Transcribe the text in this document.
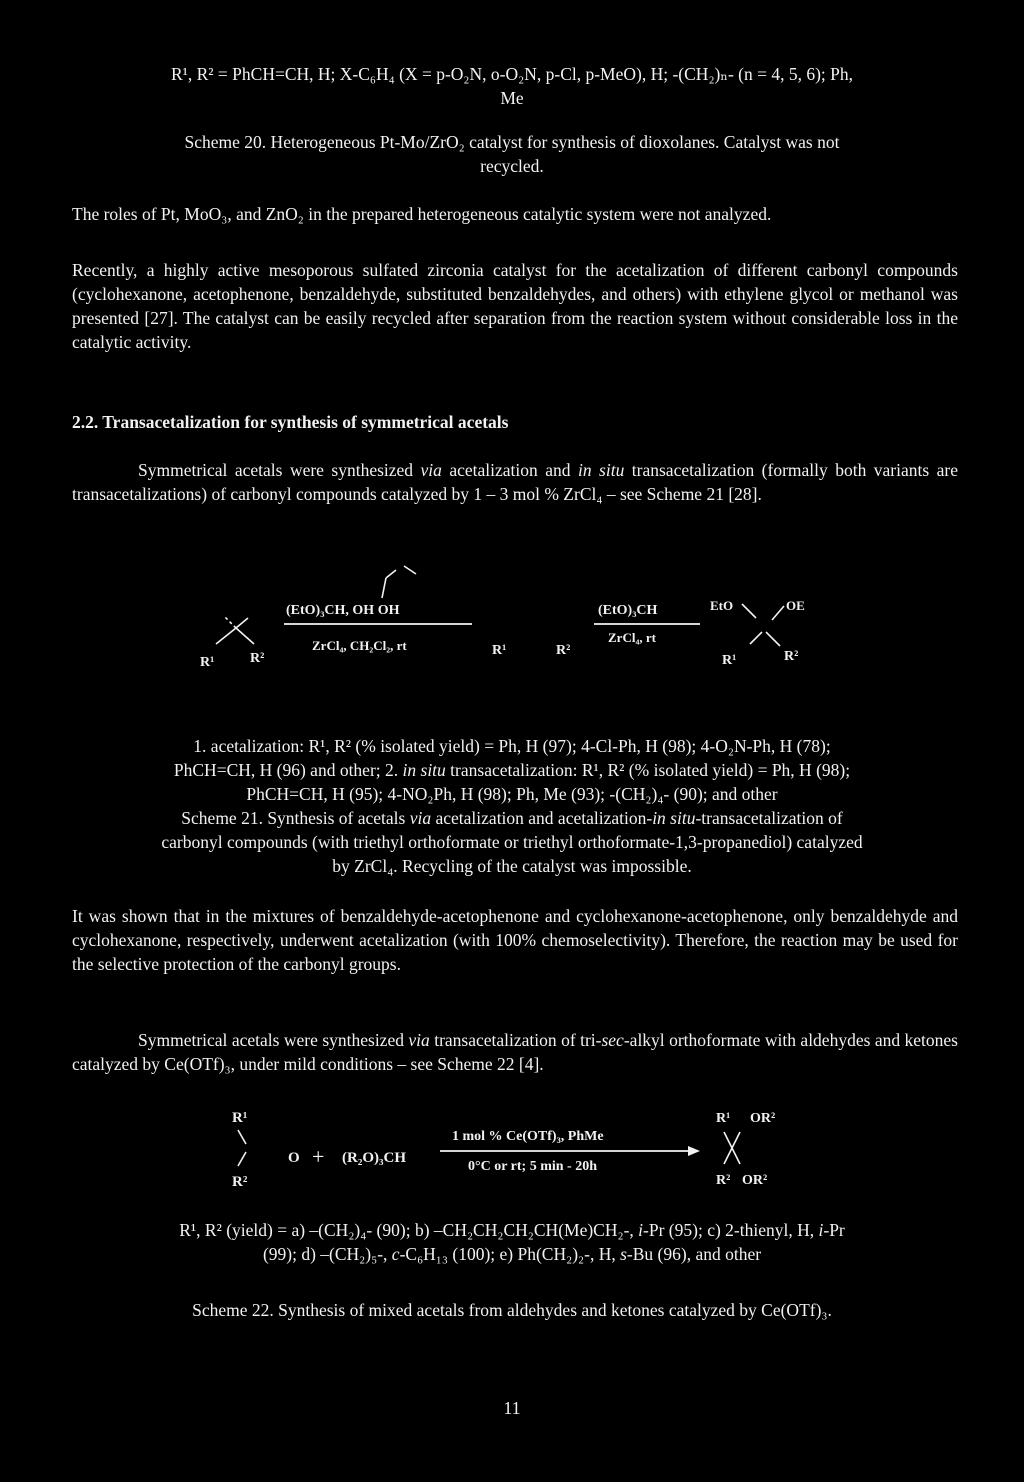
R¹, R² = PhCH=CH, H; X-C₆H₄ (X = p-O₂N, o-O₂N, p-Cl, p-MeO), H; -(CH₂)ₙ- (n = 4, 5, 6); Ph,
Me
Scheme 20. Heterogeneous Pt-Mo/ZrO₂ catalyst for synthesis of dioxolanes. Catalyst was not
recycled.
The roles of Pt, MoO₃, and ZnO₂ in the prepared heterogeneous catalytic system were not analyzed.
Recently, a highly active mesoporous sulfated zirconia catalyst for the acetalization of different carbonyl compounds (cyclohexanone, acetophenone, benzaldehyde, substituted benzaldehydes, and others) with ethylene glycol or methanol was presented [27]. The catalyst can be easily recycled after separation from the reaction system without considerable loss in the catalytic activity.
2.2. Transacetalization for synthesis of symmetrical acetals
Symmetrical acetals were synthesized via acetalization and in situ transacetalization (formally both variants are transacetalizations) of carbonyl compounds catalyzed by 1 – 3 mol % ZrCl₄ – see Scheme 21 [28].
R¹	R²
(EtO)₃CH, OH OH
ZrCl₄, CH₂Cl₂, rt	R¹	R²
(EtO)₃CH
ZrCl₄, rt
EtO	OE
R¹	R²
1. acetalization: R¹, R² (% isolated yield) = Ph, H (97); 4-Cl-Ph, H (98); 4-O₂N-Ph, H (78);
PhCH=CH, H (96) and other; 2. in situ transacetalization: R¹, R² (% isolated yield) = Ph, H (98);
PhCH=CH, H (95); 4-NO₂Ph, H (98); Ph, Me (93); -(CH₂)₄- (90); and other
Scheme 21. Synthesis of acetals via acetalization and acetalization-in situ-transacetalization of
carbonyl compounds (with triethyl orthoformate or triethyl orthoformate-1,3-propanediol) catalyzed
by ZrCl₄. Recycling of the catalyst was impossible.
It was shown that in the mixtures of benzaldehyde-acetophenone and cyclohexanone-acetophenone, only benzaldehyde and cyclohexanone, respectively, underwent acetalization (with 100% chemoselectivity). Therefore, the reaction may be used for the selective protection of the carbonyl groups.
Symmetrical acetals were synthesized via transacetalization of tri-sec-alkyl orthoformate with aldehydes and ketones catalyzed by Ce(OTf)₃, under mild conditions – see Scheme 22 [4].
R¹
R²
O + (R₂O)₃CH
1 mol % Ce(OTf)₃, PhMe
0°C or rt; 5 min - 20h
R¹ OR²
R² OR²
R¹, R² (yield) = a) –(CH₂)₄- (90); b) –CH₂CH₂CH₂CH(Me)CH₂-, i-Pr (95); c) 2-thienyl, H, i-Pr
(99); d) –(CH₂)₅-, c-C₆H₁₃ (100); e) Ph(CH₂)₂-, H, s-Bu (96), and other
Scheme 22. Synthesis of mixed acetals from aldehydes and ketones catalyzed by Ce(OTf)₃.
11
